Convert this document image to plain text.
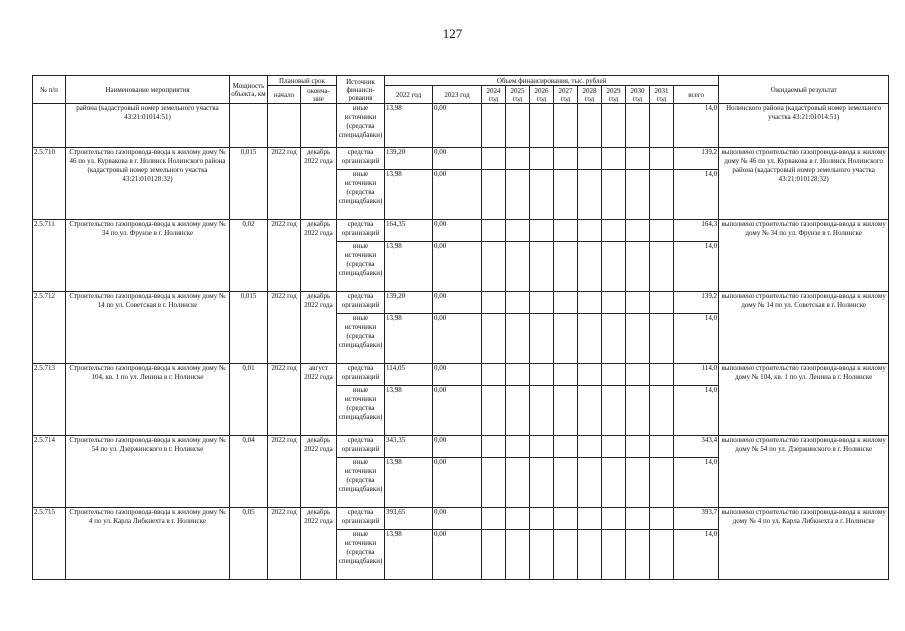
127
№ п/п	Наименование мероприятия	Мощность объекта, км	Плановый срок		Источник финанси-рования	Объем финансирования, тыс. рублей											Ожидаемый результат
			начало	оконча-ние		2022 год	2023 год	2024 год	2025 год	2026 год	2027 год	2028 год	2029 год	2030 год	2031 год	всего	

	района (кадастровый номер земельного участка 43:21:01014:51)				иные источники (средства спецнадбавки)	13,98	0,00									14,0	Нолинского района (кадастровый номер земельного участка 43:21:01014:51)
2.5.710	Строительство газопровода-ввода к жилому дому № 46 по ул. Курвакова в г. Нолинск Нолинского района (кадастровый номер земельного участка 43:21:010128:32)	0,015	2022 год	декабрь 2022 года	средства организаций	139,20	0,00									139,2	выполнено строительство газопровода-ввода к жилому дому № 46 по ул. Курвакова в г. Нолинск Нолинского района (кадастровый номер земельного участка 43:21:010128:32)
					иные источники (средства спецнадбавки)	13,98	0,00									14,0	
2.5.711	Строительство газопровода-ввода к жилому дому № 34 по ул. Фрунзе в г. Нолинске	0,02	2022 год	декабрь 2022 года	средства организаций	164,35	0,00									164,3	выполнено строительство газопровода-ввода к жилому дому № 34 по ул. Фрунзе в г. Нолинске
					иные источники (средства спецнадбавки)	13,98	0,00									14,0	
2.5.712	Строительство газопровода-ввода к жилому дому № 14 по ул. Советская в г. Нолинске	0,015	2022 год	декабрь 2022 года	средства организаций	139,20	0,00									139,2	выполнено строительство газопровода-ввода к жилому дому № 14 по ул. Советская в г. Нолинске
					иные источники (средства спецнадбавки)	13,98	0,00									14,0	
2.5.713	Строительство газопровода-ввода к жилому дому № 104, кв. 1 по ул. Ленина в г. Нолинске	0,01	2022 год	август 2022 года	средства организаций	114,05	0,00									114,0	выполнено строительство газопровода-ввода к жилому дому № 104, кв. 1 по ул. Ленина в г. Нолинске
					иные источники (средства спецнадбавки)	13,98	0,00									14,0	
2.5.714	Строительство газопровода-ввода к жилому дому № 54 по ул. Дзержинского в г. Нолинске	0,04	2022 год	декабрь 2022 года	средства организаций	343,35	0,00									343,4	выполнено строительство газопровода-ввода к жилому дому № 54 по ул. Дзержинского в г. Нолинске
					иные источники (средства спецнадбавки)	13,98	0,00									14,0	
2.5.715	Строительство газопровода-ввода к жилому дому № 4 по ул. Карла Либкнехта в г. Нолинске	0,05	2022 год	декабрь 2022 года	средства организаций	393,65	0,00									393,7	выполнено строительство газопровода-ввода к жилому дому № 4 по ул. Карла Либкнехта в г. Нолинске
					иные источники (средства спецнадбавки)	13,98	0,00									14,0	
